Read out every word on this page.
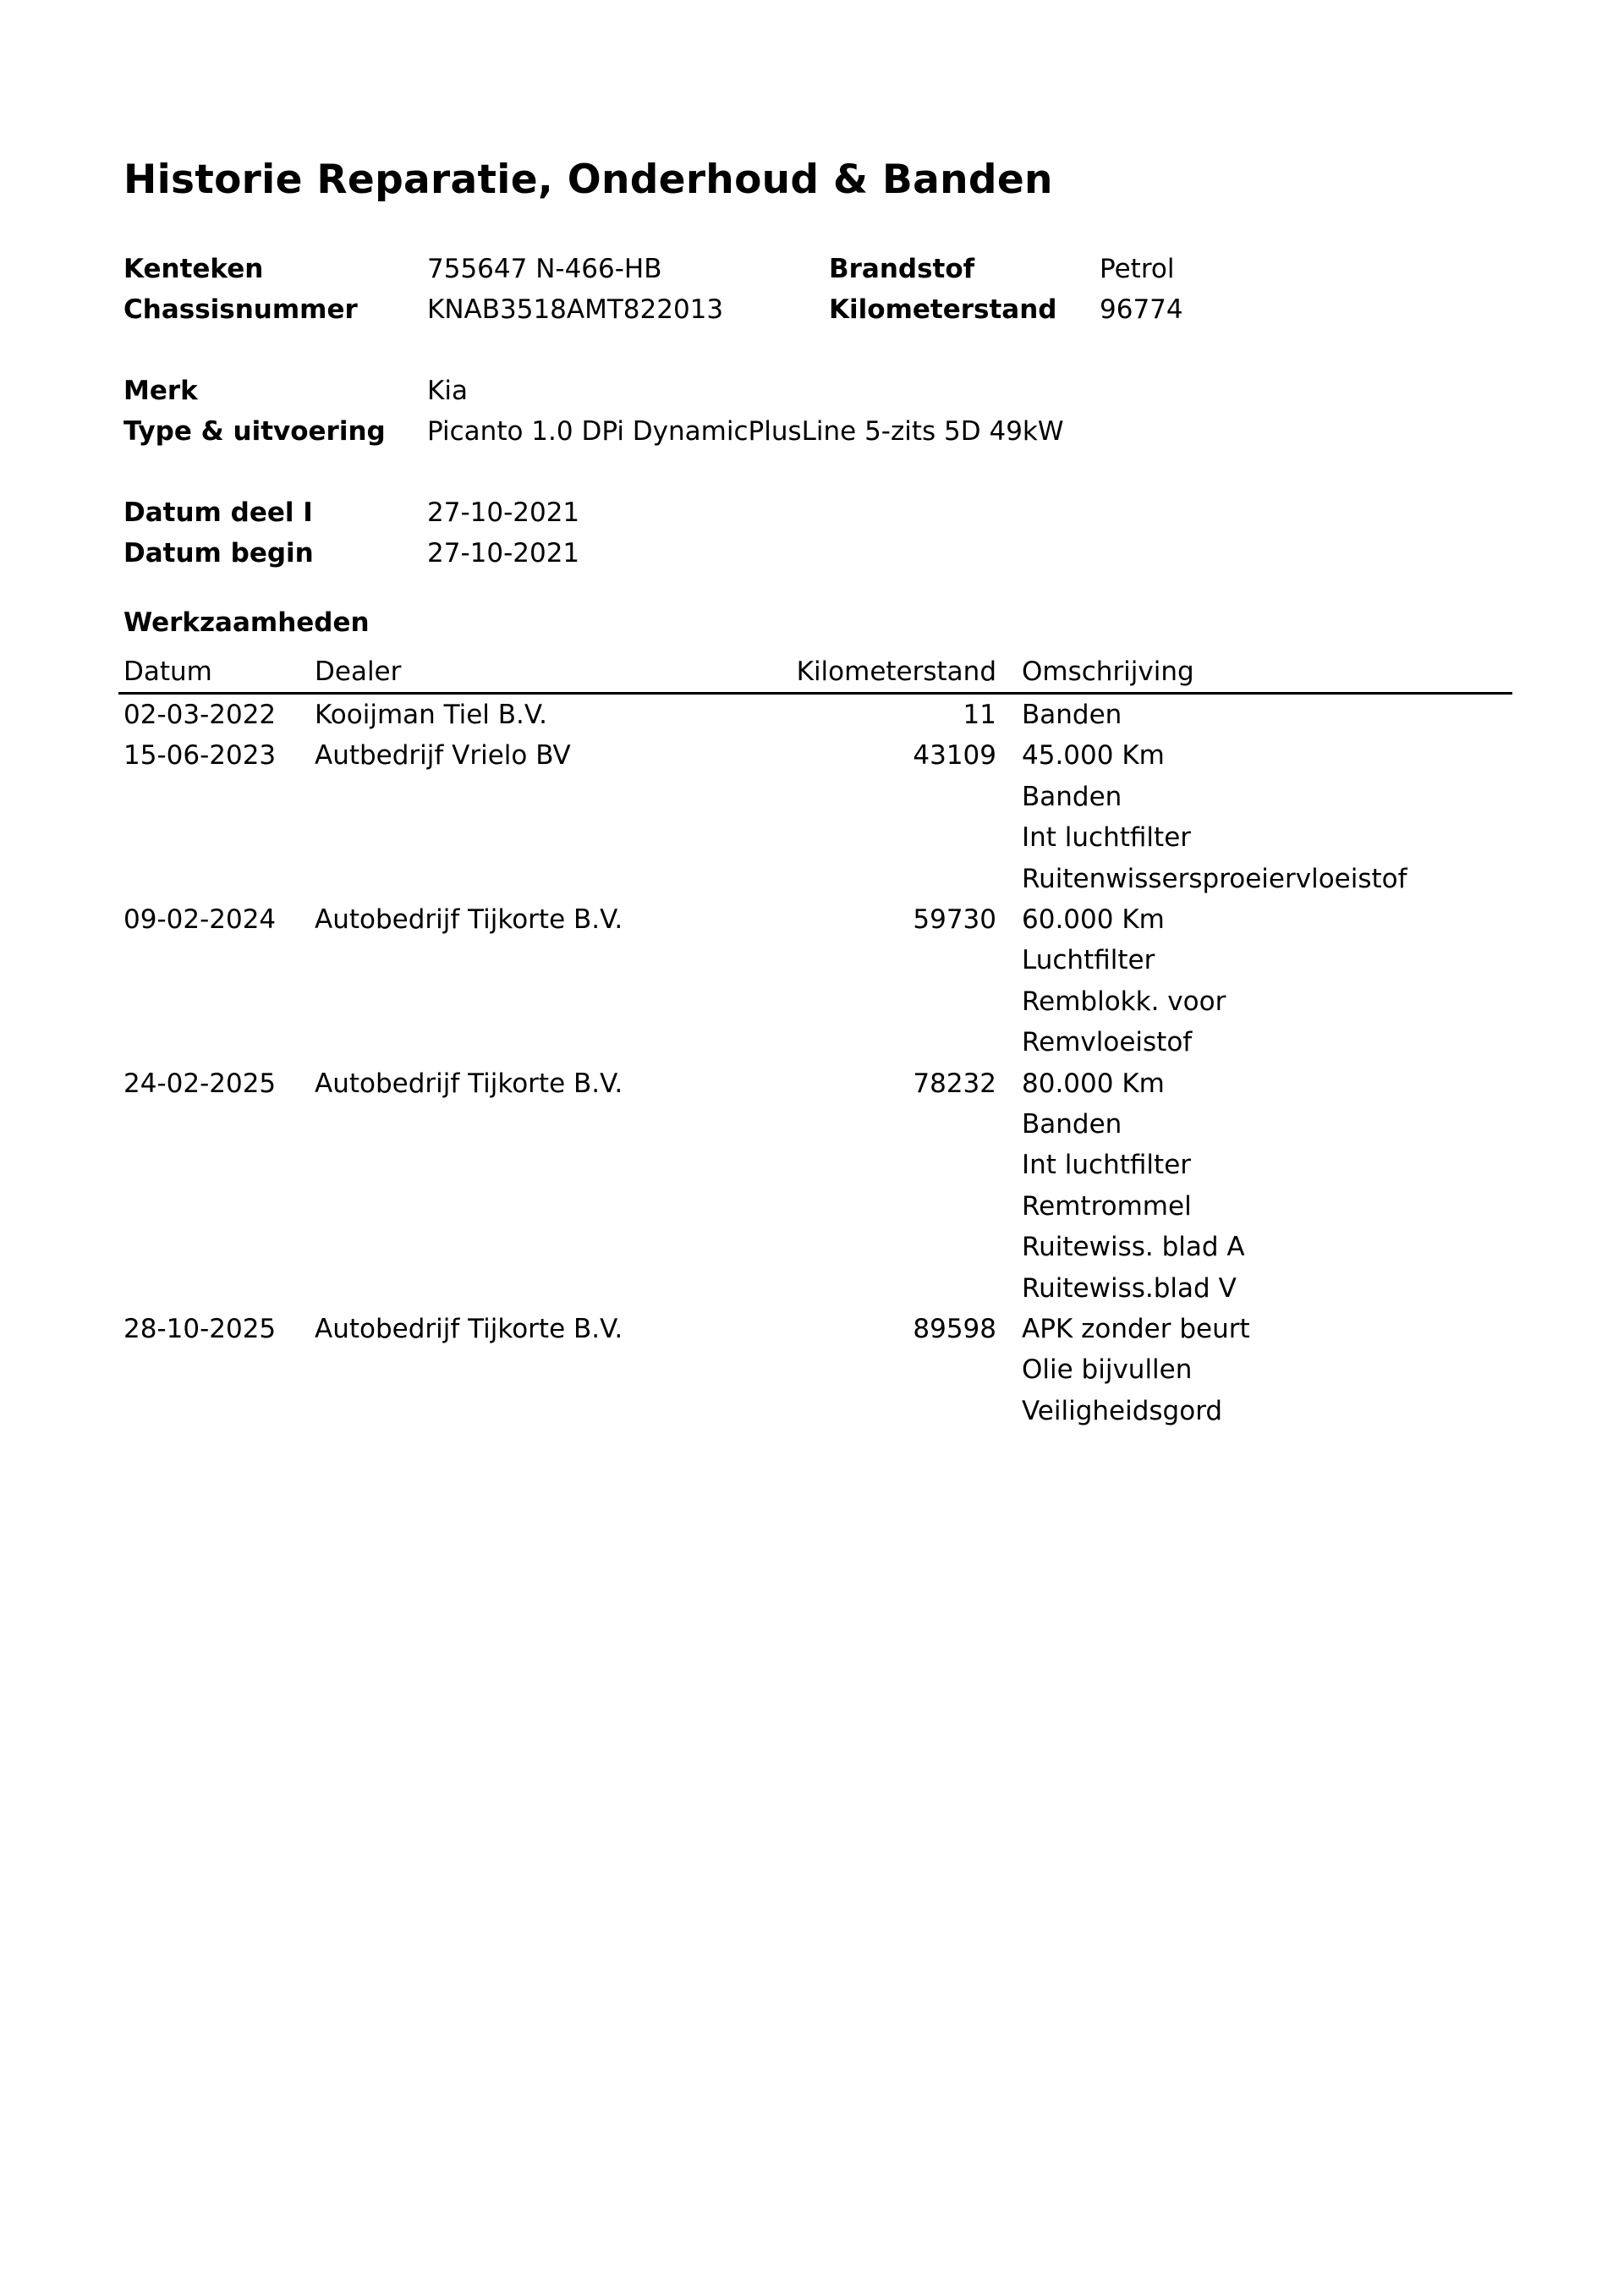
Historie Reparatie, Onderhoud & Banden
Kenteken	755647 N-466-HB	Brandstof	Petrol
Chassisnummer	KNAB3518AMT822013	Kilometerstand 96774
Merk	Kia
Type & uitvoering Picanto 1.0 DPi DynamicPlusLine 5-zits 5D 49kW
Datum deel I	27-10-2021
Datum begin	27-10-2021
Werkzaamheden
Datum	Dealer	Kilometerstand Omschrijving
02-03-2022 Kooijman Tiel B.V.	11 Banden
15-06-2023 Autbedrijf Vrielo BV	43109 45.000 Km
Banden
Int luchtfilter
Ruitenwissersproeiervloeistof
09-02-2024 Autobedrijf Tijkorte B.V.	59730 60.000 Km
Luchtfilter
Remblokk. voor
Remvloeistof
24-02-2025 Autobedrijf Tijkorte B.V.	78232 80.000 Km
Banden
Int luchtfilter
Remtrommel
Ruitewiss. blad A
Ruitewiss.blad V
28-10-2025 Autobedrijf Tijkorte B.V.	89598 APK zonder beurt
Olie bijvullen
Veiligheidsgord
